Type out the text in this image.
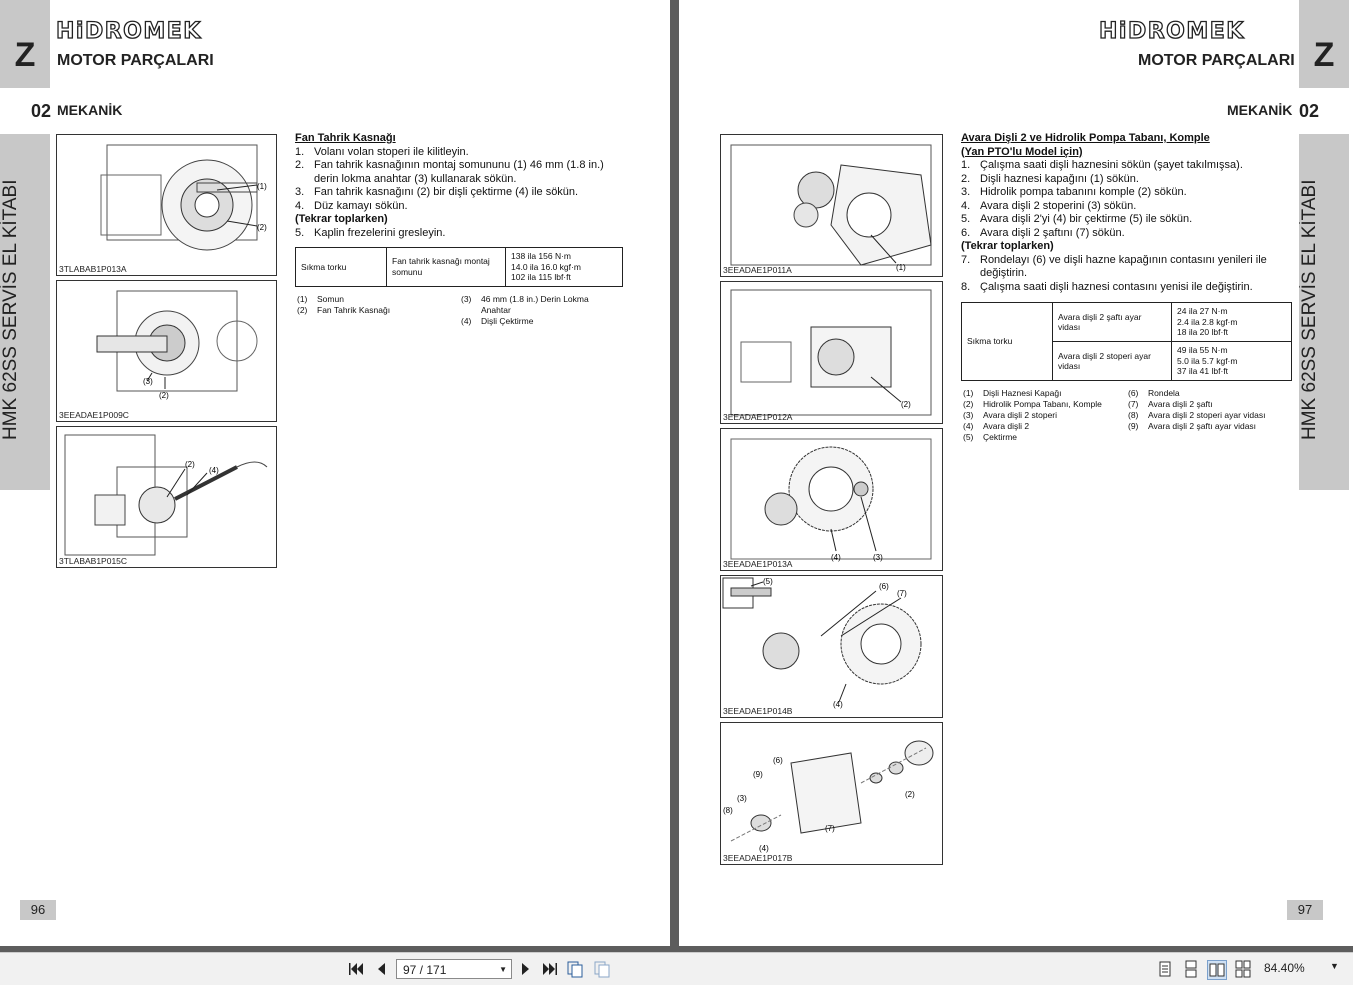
Z
HiDROMEK
MOTOR PARÇALARI
02 MEKANİK
HMK 62SS SERVİS EL KİTABI	(1)
(2)
3TLABAB1P013A
(3)
(2)
3EEADAE1P009C
(2)
(4)
3TLABAB1P015C

Fan Tahrik Kasnağı

1. Volanı volan stoperi ile kilitleyin.
2. Fan tahrik kasnağının montaj somununu (1) 46 mm (1.8 in.) derin lokma anahtar (3) kullanarak sökün.
3. Fan tahrik kasnağını (2) bir dişli çektirme (4) ile sökün.
4. Düz kamayı sökün.
(Tekrar toplarken)
5. Kaplin frezelerini gresleyin.
Sıkma torku	Fan tahrik kasnağı montaj somunu	
138 ila 156 N·m
14.0 ila 16.0 kgf·m
102 ila 115 lbf·ft
(1) Somun
(2) Fan Tahrik Kasnağı
(3)	46 mm (1.8 in.) Derin Lokma Anahtar
(4) Dişli Çektirme
96
HiDROMEK
MOTOR PARÇALARI Z
MEKANİK 02
HMK 62SS SERVİS EL KİTABI
(1)
3EEADAE1P011A
(2)
3EEADAE1P012A
(4)	(3)
3EEADAE1P013A
(5)
(6)
(7)
(4)
3EEADAE1P014B
(6)
(9)
(3)
(8)
(4)
(7)
(2)
3EEADAE1P017B

Avara Dişli 2 ve Hidrolik Pompa Tabanı, Komple

(Yan PTO'lu Model için)

1. Çalışma saati dişli haznesini sökün (şayet takılmışsa).
2. Dişli haznesi kapağını (1) sökün.
3. Hidrolik pompa tabanını komple (2) sökün.
4. Avara dişli 2 stoperini (3) sökün.
5. Avara dişli 2'yi (4) bir çektirme (5) ile sökün.
6. Avara dişli 2 şaftını (7) sökün.
(Tekrar toplarken)
7. Rondelayı (6) ve dişli hazne kapağının contasını yenileri ile değiştirin.
8. Çalışma saati dişli haznesi contasını yenisi ile değiştirin.
Sıkma torku	Avara dişli 2 şaftı ayar vidası	24 ila 27 N·m
2.4 ila 2.8 kgf·m
18 ila 20 lbf·ft

	Avara dişli 2 stoperi ayar vidası	49 ila 55 N·m
5.0 ila 5.7 kgf·m
37 ila 41 lbf·ft
(1) Dişli Haznesi Kapağı
(2) Hidrolik Pompa Tabanı, Komple
(3) Avara dişli 2 stoperi
(4) Avara dişli 2
(5) Çektirme
(6) Rondela
(7) Avara dişli 2 şaftı
(8) Avara dişli 2 stoperi ayar vidası
(9) Avara dişli 2 şaftı ayar vidası
97
97 / 171	▼	84.40%	▼
